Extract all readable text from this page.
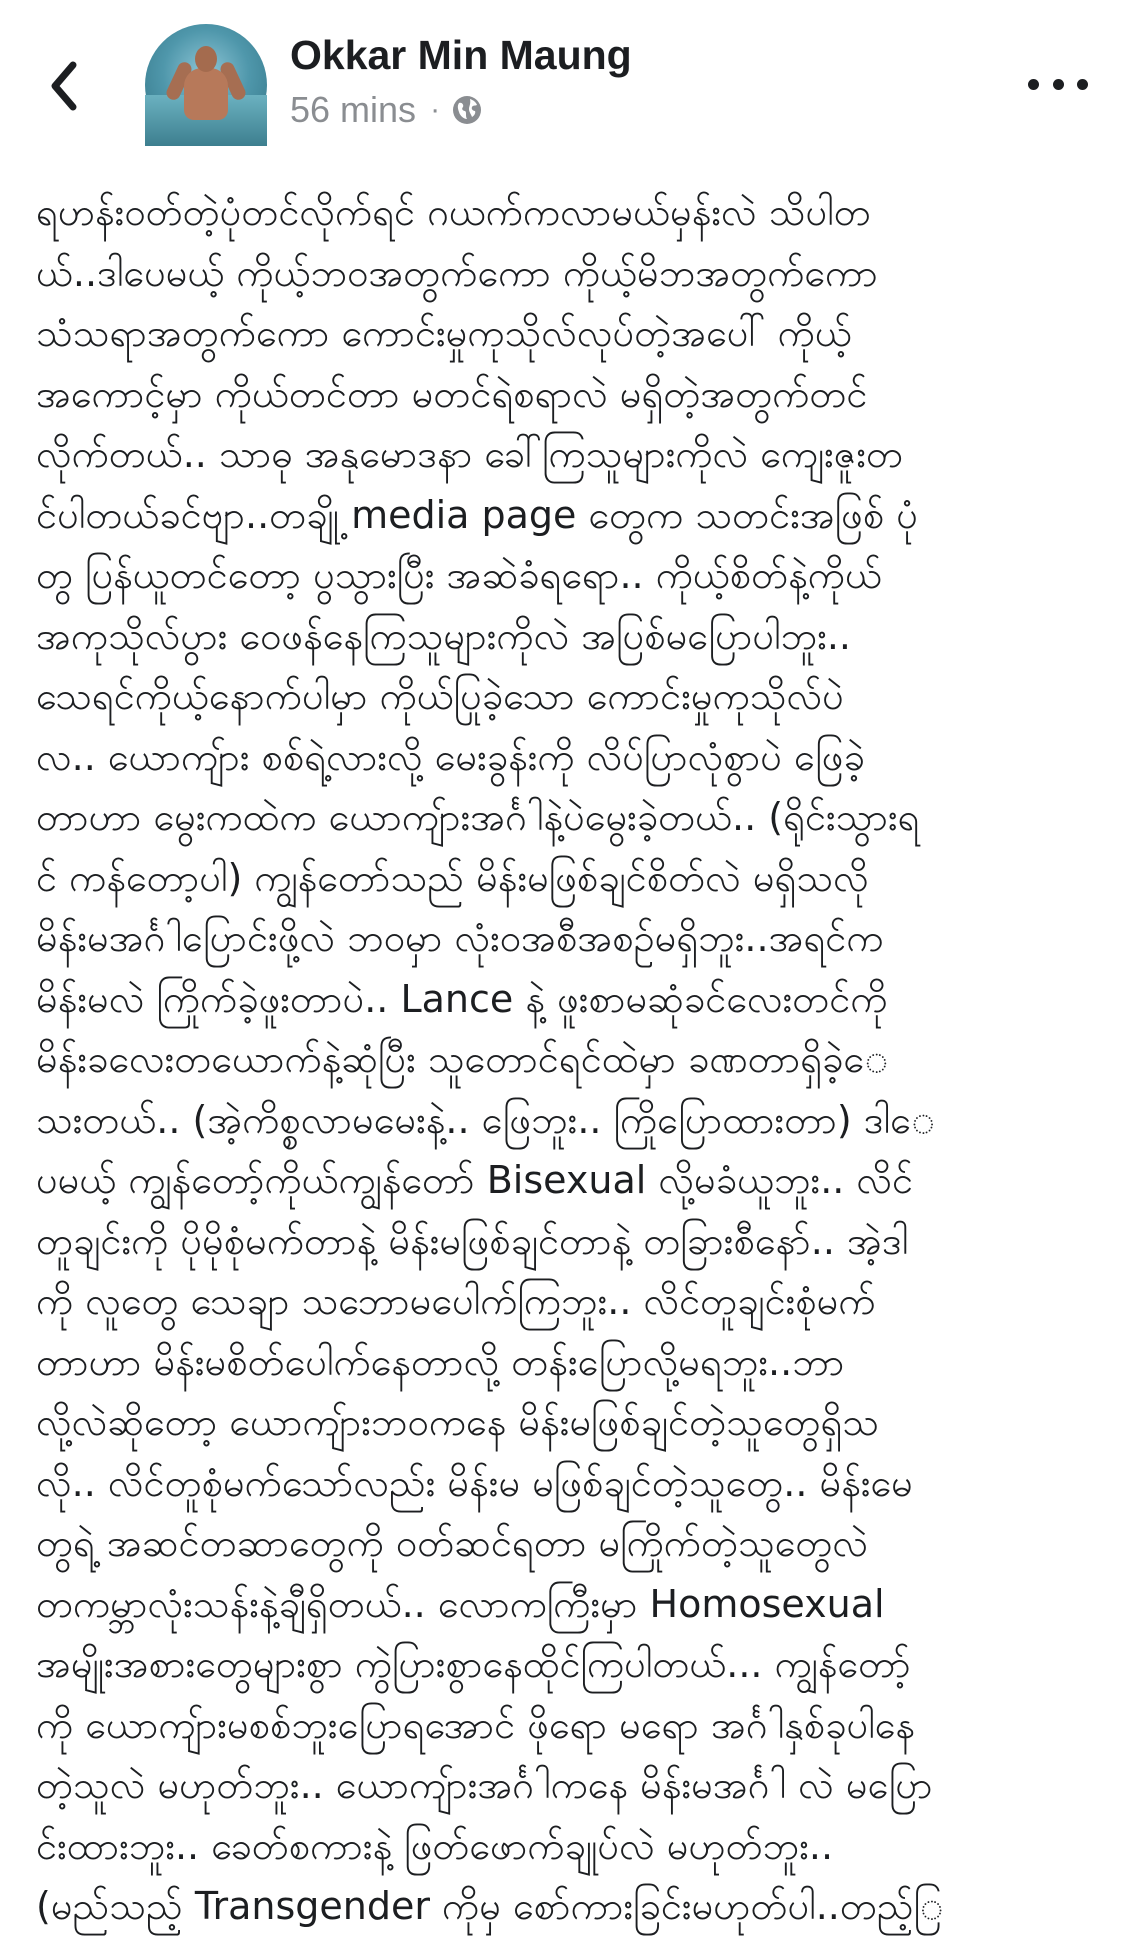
Okkar Min Maung
56 mins ·
ရဟန်းဝတ်တဲ့ပုံတင်လိုက်ရင် ဂယက်ကလာမယ်မှန်းလဲ သိပါတ
ယ်..ဒါပေမယ့် ကိုယ့်ဘဝအတွက်ကော ကိုယ့်မိဘအတွက်ကော
သံသရာအတွက်ကော ကောင်းမှုကုသိုလ်လုပ်တဲ့အပေါ် ကိုယ့်
အကောင့်မှာ ကိုယ်တင်တာ မတင်ရဲစရာလဲ မရှိတဲ့အတွက်တင်
လိုက်တယ်.. သာဓု အနုမောဒနာ ခေါ်ကြသူများကိုလဲ ကျေးဇူးတ
င်ပါတယ်ခင်ဗျာ..တချို့ media page တွေက သတင်းအဖြစ် ပုံ
တွ ပြန်ယူတင်တော့ ပွသွားပြီး အဆဲခံရရော.. ကိုယ့်စိတ်နဲ့ကိုယ်
အကုသိုလ်ပွား ဝေဖန်နေကြသူများကိုလဲ အပြစ်မပြောပါဘူး..
သေရင်ကိုယ့်နောက်ပါမှာ ကိုယ်ပြုခဲ့သော ကောင်းမှုကုသိုလ်ပဲ
လ.. ယောကျ်ား စစ်ရဲ့လားလို့ မေးခွန်းကို လိပ်ပြာလုံစွာပဲ ဖြေခဲ့
တာဟာ မွေးကထဲက ယောကျ်ားအင်္ဂါနဲ့ပဲမွေးခဲ့တယ်.. (ရိုင်းသွားရ
င် ကန်တော့ပါ) ကျွန်တော်သည် မိန်းမဖြစ်ချင်စိတ်လဲ မရှိသလို
မိန်းမအင်္ဂါပြောင်းဖို့လဲ ဘဝမှာ လုံးဝအစီအစဥ်မရှိဘူး..အရင်က
မိန်းမလဲ ကြိုက်ခဲ့ဖူးတာပဲ.. Lance နဲ့ ဖူးစာမဆုံခင်လေးတင်ကို
မိန်းခလေးတယောက်နဲ့ဆုံပြီး သူတောင်ရင်ထဲမှာ ခဏတာရှိခဲ့ေ
သးတယ်.. (အဲ့ကိစ္စလာမမေးနဲ့.. ဖြေဘူး.. ကြိုပြောထားတာ) ဒါေ
ပမယ့် ကျွန်တော့်ကိုယ်ကျွန်တော် Bisexual လို့မခံယူဘူး.. လိင်
တူချင်းကို ပိုမိုစုံမက်တာနဲ့ မိန်းမဖြစ်ချင်တာနဲ့ တခြားစီနော်.. အဲ့ဒါ
ကို လူတွေ သေချာ သဘောမပေါက်ကြဘူး.. လိင်တူချင်းစုံမက်
တာဟာ မိန်းမစိတ်ပေါက်နေတာလို့ တန်းပြောလို့မရဘူး..ဘာ
လို့လဲဆိုတော့ ယောကျ်ားဘဝကနေ မိန်းမဖြစ်ချင်တဲ့သူတွေရှိသ
လို.. လိင်တူစုံမက်သော်လည်း မိန်းမ မဖြစ်ချင်တဲ့သူတွေ.. မိန်းမေ
တွရဲ့ အဆင်တဆာတွေကို ဝတ်ဆင်ရတာ မကြိုက်တဲ့သူတွေလဲ
တကမ္ဘာလုံးသန်းနဲ့ချီရှိတယ်.. လောကကြီးမှာ Homosexual
အမျိုးအစားတွေများစွာ ကွဲပြားစွာနေထိုင်ကြပါတယ်... ကျွန်တော့်
ကို ယောကျ်ားမစစ်ဘူးပြောရအောင် ဖိုရော မရော အင်္ဂါနှစ်ခုပါနေ
တဲ့သူလဲ မဟုတ်ဘူး.. ယောကျ်ားအင်္ဂါကနေ မိန်းမအင်္ဂါ လဲ မပြော
င်းထားဘူး.. ခေတ်စကားနဲ့ ဖြတ်ဖောက်ချုပ်လဲ မဟုတ်ဘူး..
(မည်သည့် Transgender ကိုမှ စော်ကားခြင်းမဟုတ်ပါ..တည့်ြ
